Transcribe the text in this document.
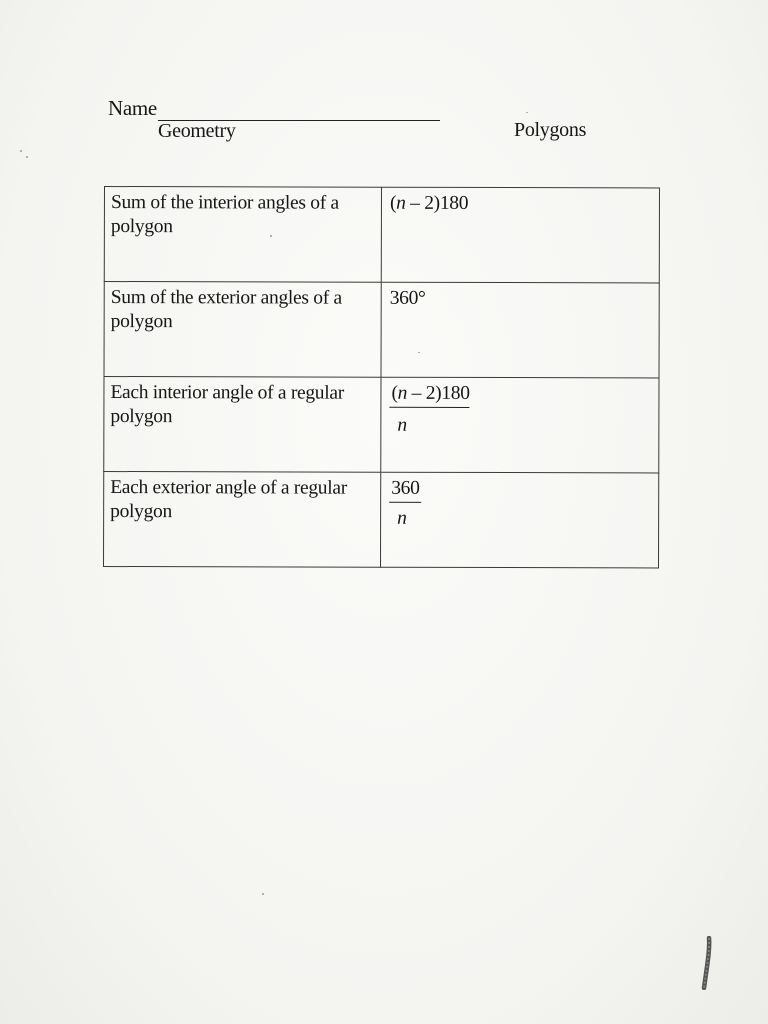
Name
Geometry	Polygons
Sum of the interior angles of a polygon	(n – 2)180
Sum of the exterior angles of a polygon	360°
Each interior angle of a regular polygon	$\frac{(n - 2)180}{n}$

Each exterior angle of a regular polygon	$\frac{360}{n}$
